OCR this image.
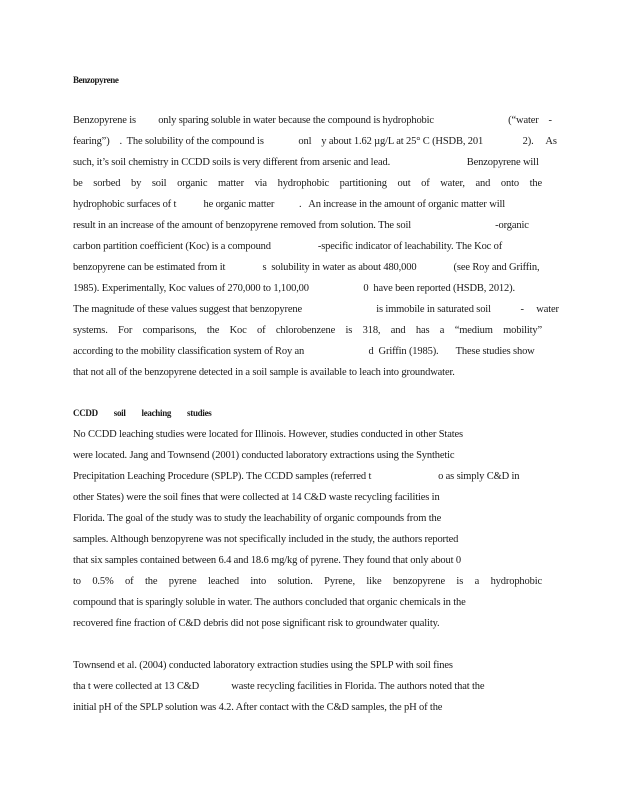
Benzopyrene

Benzopyrene is         only sparing soluble in water because the compound is hydrophobic                              (“water    -

fearing”)    .  The solubility of the compound is              onl    y about 1.62 µg/L at 25° C (HSDB, 201                2).     As

such, it’s soil chemistry in CCDD soils is very different from arsenic and lead.                               Benzopyrene will

be sorbed by soil organic matter via hydrophobic partitioning out of water, and onto the

hydrophobic surfaces of t           he organic matter          .   An increase in the amount of organic matter will

result in an increase of the amount of benzopyrene removed from solution. The soil                                  -organic

carbon partition coefficient (Koc) is a compound                   -specific indicator of leachability. The Koc of

benzopyrene can be estimated from it               s  solubility in water as about 480,000               (see Roy and Griffin,

1985). Experimentally, Koc values of 270,000 to 1,100,00                      0  have been reported (HSDB, 2012).

The magnitude of these values suggest that benzopyrene                              is immobile in saturated soil            -     water

systems. For comparisons, the Koc of chlorobenzene is 318, and has a “medium mobility”

according to the mobility classification system of Roy an                          d  Griffin (1985).       These studies show

that not all of the benzopyrene detected in a soil sample is available to leach into groundwater.

CCDD soil leaching studies

No CCDD leaching studies were located for Illinois. However, studies conducted in other States

were located. Jang and Townsend (2001) conducted laboratory extractions using the Synthetic

Precipitation Leaching Procedure (SPLP). The CCDD samples (referred t                           o as simply C&D in

other States) were the soil fines that were collected at 14 C&D waste recycling facilities in

Florida. The goal of the study was to study the leachability of organic compounds from the

samples. Although benzopyrene was not specifically included in the study, the authors reported

that six samples contained between 6.4 and 18.6 mg/kg of pyrene. They found that only about 0

to 0.5% of the pyrene leached into solution. Pyrene, like benzopyrene is a hydrophobic

compound that is sparingly soluble in water. The authors concluded that organic chemicals in the

recovered fine fraction of C&D debris did not pose significant risk to groundwater quality.

Townsend et al. (2004) conducted laboratory extraction studies using the SPLP with soil fines

tha t were collected at 13 C&D             waste recycling facilities in Florida. The authors noted that the

initial pH of the SPLP solution was 4.2. After contact with the C&D samples, the pH of the
